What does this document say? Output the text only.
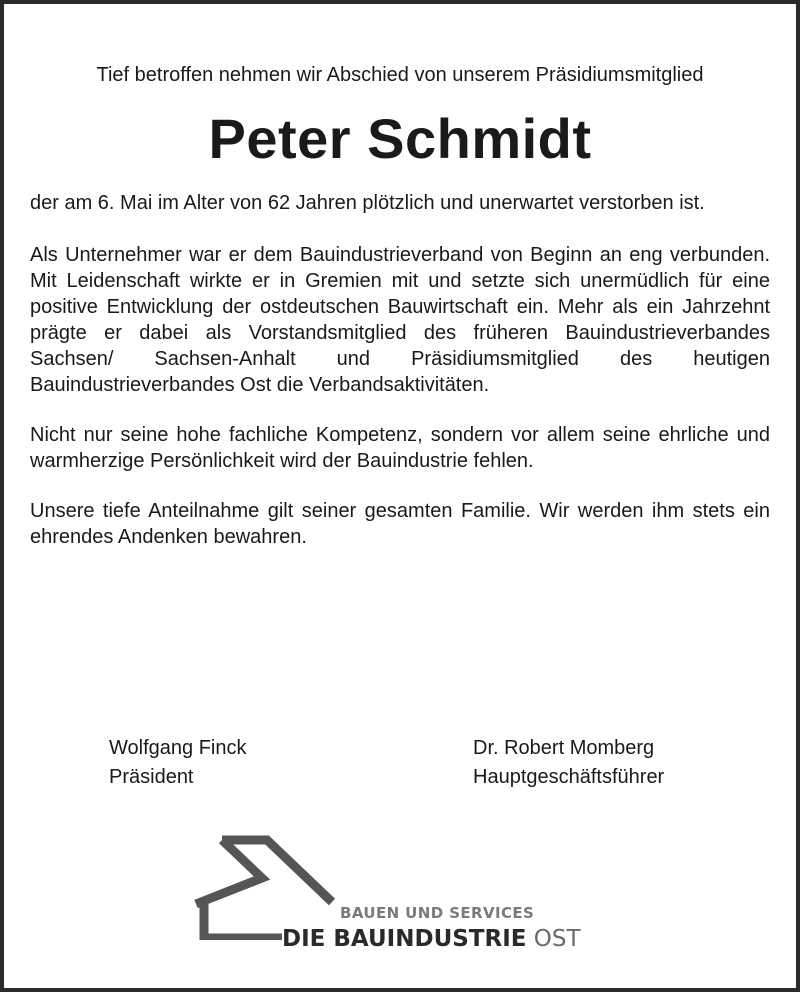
Tief betroffen nehmen wir Abschied von unserem Präsidiumsmitglied

Peter Schmidt

der am 6. Mai im Alter von 62 Jahren plötzlich und unerwartet verstorben ist.

Als Unternehmer war er dem Bauindustrieverband von Beginn an eng verbunden. Mit Leidenschaft wirkte er in Gremien mit und setzte sich unermüdlich für eine positive Entwicklung der ostdeutschen Bauwirtschaft ein. Mehr als ein Jahrzehnt prägte er dabei als Vorstandsmitglied des früheren Bauindustrieverbandes Sachsen/ Sachsen-Anhalt und Präsidiumsmitglied des heutigen Bauindustrieverbandes Ost die Verbandsaktivitäten.

Nicht nur seine hohe fachliche Kompetenz, sondern vor allem seine ehrliche und warmherzige Persönlichkeit wird der Bauindustrie fehlen.

Unsere tiefe Anteilnahme gilt seiner gesamten Familie. Wir werden ihm stets ein ehrendes Andenken bewahren.

Wolfgang Finck
Präsident
Dr. Robert Momberg
Hauptgeschäftsführer
BAUEN UND SERVICES
DIE BAUINDUSTRIE OST
